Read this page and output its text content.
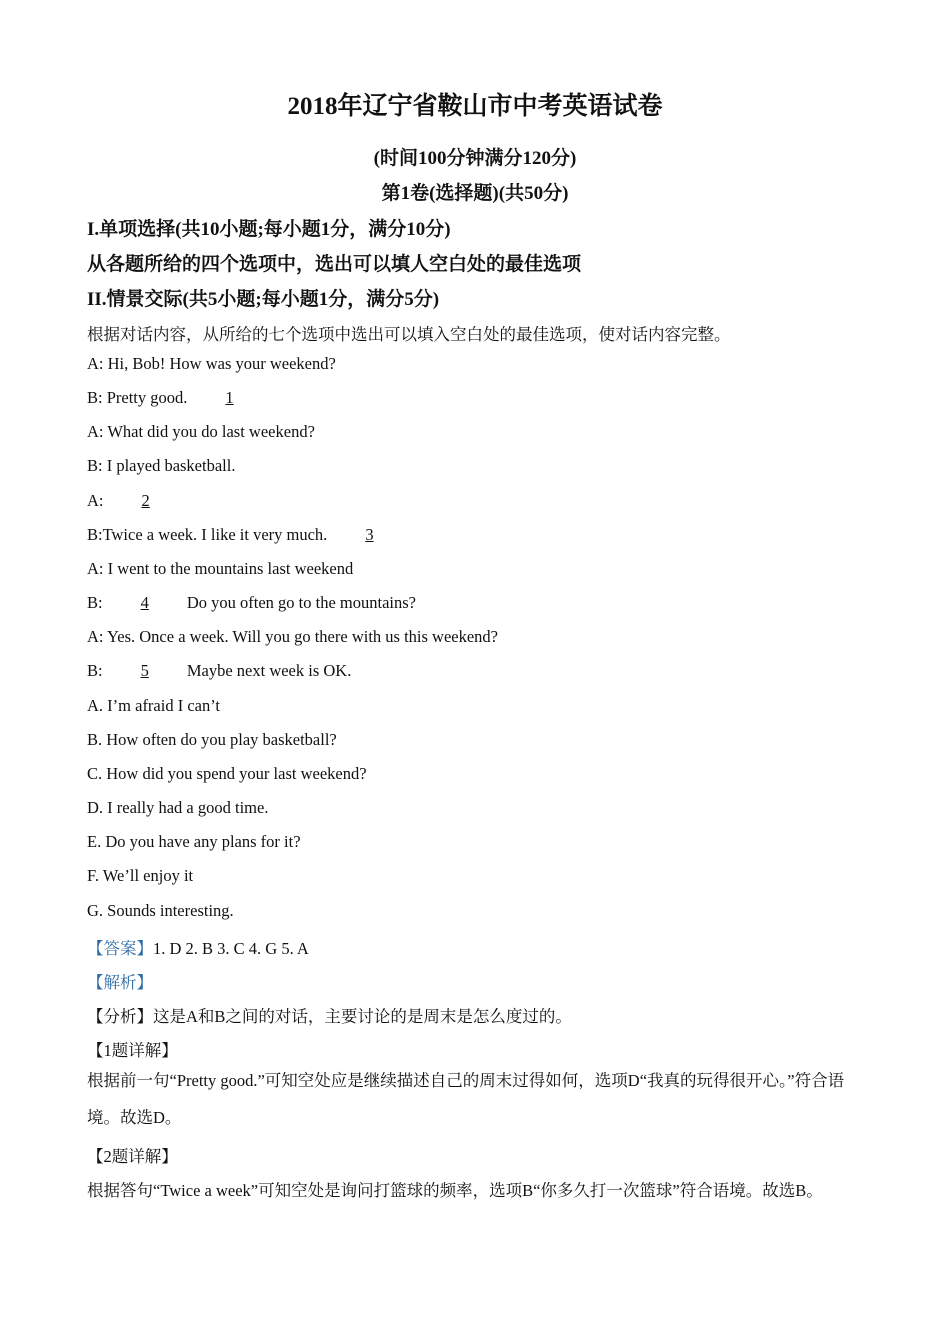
2018年辽宁省鞍山市中考英语试卷
(时间100分钟满分120分)
第1卷(选择题)(共50分)
I.单项选择(共10小题;每小题1分，满分10分)
从各题所给的四个选项中，选出可以填人空白处的最佳选项
II.情景交际(共5小题;每小题1分，满分5分)
根据对话内容，从所给的七个选项中选出可以填入空白处的最佳选项，使对话内容完整。
A: Hi, Bob! How was your weekend?
B: Pretty good. 1
A: What did you do last weekend?
B: I played basketball.
A: 2
B:Twice a week. I like it very much. 3
A: I went to the mountains last weekend
B: 4 Do you often go to the mountains?
A: Yes. Once a week. Will you go there with us this weekend?
B: 5 Maybe next week is OK.
A. I’m afraid I can’t
B. How often do you play basketball?
C. How did you spend your last weekend?
D. I really had a good time.
E. Do you have any plans for it?
F. We’ll enjoy it
G. Sounds interesting.
【答案】1. D 2. B 3. C 4. G 5. A
【解析】
【分析】这是A和B之间的对话，主要讨论的是周末是怎么度过的。
【1题详解】
根据前一句“Pretty good.”可知空处应是继续描述自己的周末过得如何，选项D“我真的玩得很开心。”符合语境。故选D。
【2题详解】
根据答句“Twice a week”可知空处是询问打篮球的频率，选项B“你多久打一次篮球”符合语境。故选B。
